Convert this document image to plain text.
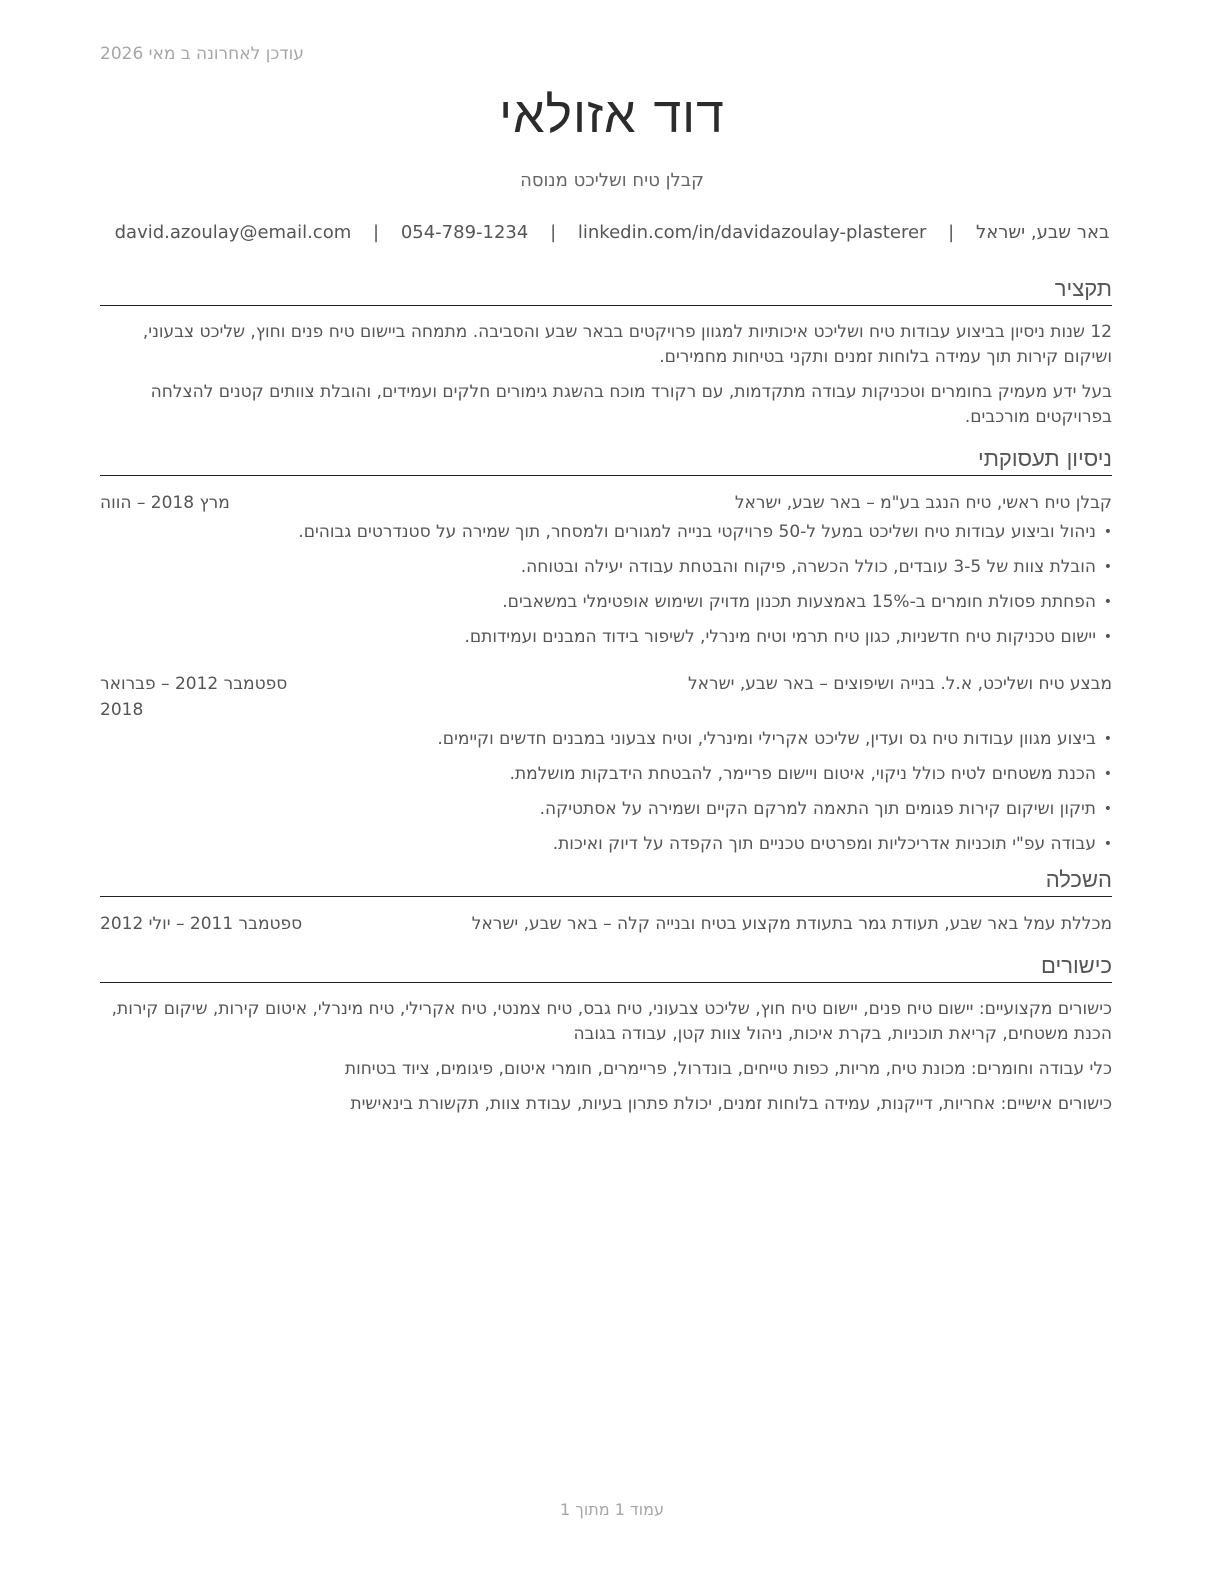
עודכן לאחרונה ב מאי 2026
דוד אזולאי
קבלן טיח ושליכט מנוסה
באר שבע, ישראל | david.azoulay@email.com | 054-789-1234 | linkedin.com/in/davidazoulay-plasterer
תקציר

12 שנות ניסיון בביצוע עבודות טיח ושליכט איכותיות למגוון פרויקטים בבאר שבע והסביבה. מתמחה ביישום טיח פנים וחוץ, שליכט צבעוני, ושיקום קירות תוך עמידה בלוחות זמנים ותקני בטיחות מחמירים.

בעל ידע מעמיק בחומרים וטכניקות עבודה מתקדמות, עם רקורד מוכח בהשגת גימורים חלקים ועמידים, והובלת צוותים קטנים להצלחה בפרויקטים מורכבים.

ניסיון תעסוקתי
קבלן טיח ראשי, טיח הנגב בע"מ – באר שבע, ישראל
מרץ 2018 – הווה
• ניהול וביצוע עבודות טיח ושליכט במעל ל-50 פרויקטי בנייה למגורים ולמסחר, תוך שמירה על סטנדרטים גבוהים.
• הובלת צוות של 3-5 עובדים, כולל הכשרה, פיקוח והבטחת עבודה יעילה ובטוחה.
• הפחתת פסולת חומרים ב-15% באמצעות תכנון מדויק ושימוש אופטימלי במשאבים.
• יישום טכניקות טיח חדשניות, כגון טיח תרמי וטיח מינרלי, לשיפור בידוד המבנים ועמידותם.
מבצע טיח ושליכט, א.ל. בנייה ושיפוצים – באר שבע, ישראל
ספטמבר 2012 – פברואר 2018
• ביצוע מגוון עבודות טיח גס ועדין, שליכט אקרילי ומינרלי, וטיח צבעוני במבנים חדשים וקיימים.
• הכנת משטחים לטיח כולל ניקוי, איטום ויישום פריימר, להבטחת הידבקות מושלמת.
• תיקון ושיקום קירות פגומים תוך התאמה למרקם הקיים ושמירה על אסתטיקה.
• עבודה עפ"י תוכניות אדריכליות ומפרטים טכניים תוך הקפדה על דיוק ואיכות.
השכלה
מכללת עמל באר שבע, תעודת גמר בתעודת מקצוע בטיח ובנייה קלה – באר שבע, ישראל
ספטמבר 2011 – יולי 2012
כישורים

כישורים מקצועיים: יישום טיח פנים, יישום טיח חוץ, שליכט צבעוני, טיח גבס, טיח צמנטי, טיח אקרילי, טיח מינרלי, איטום קירות, שיקום קירות, הכנת משטחים, קריאת תוכניות, בקרת איכות, ניהול צוות קטן, עבודה בגובה

כלי עבודה וחומרים: מכונת טיח, מריות, כפות טייחים, בונדרול, פריימרים, חומרי איטום, פיגומים, ציוד בטיחות

כישורים אישיים: אחריות, דייקנות, עמידה בלוחות זמנים, יכולת פתרון בעיות, עבודת צוות, תקשורת בינאישית

עמוד 1 מתוך 1
